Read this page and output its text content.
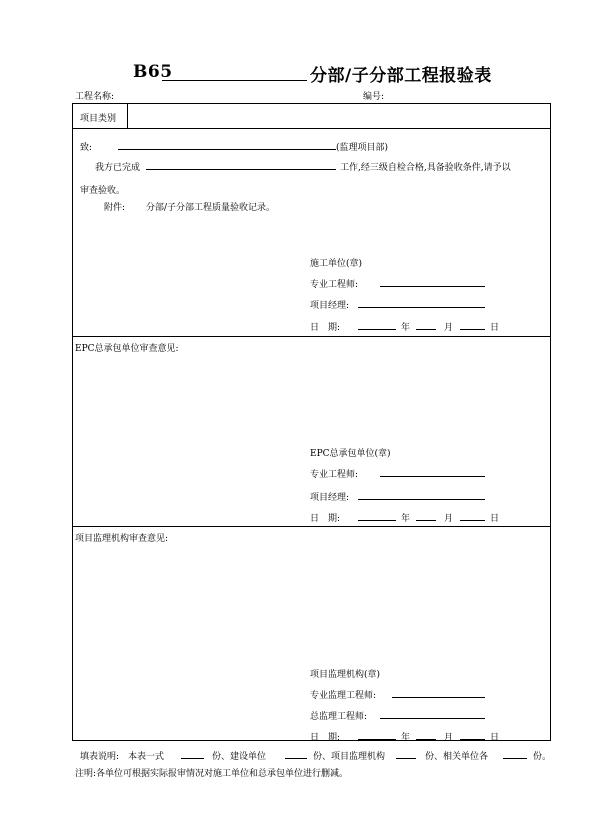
B65	分部/子分部工程报验表
工程名称:	编号:
项目类别
致:	(监理项目部)
我方已完成	工作,经三级自检合格,具备验收条件,请予以
审查验收。
附件: 分部/子分部工程质量验收记录。
施工单位(章)
专业工程师:
项目经理:
日　期:	年	月	日
EPC总承包单位审查意见:
EPC总承包单位(章)
专业工程师:
项目经理:
日　期:	年	月	日
项目监理机构审查意见:
项目监理机构(章)
专业监理工程师:
总监理工程师:
日　期:	年	月	日
填表说明:　本表一式	份、建设单位	份、项目监理机构	份、相关单位各	份。
注明:各单位可根据实际报审情况对施工单位和总承包单位进行删减。
